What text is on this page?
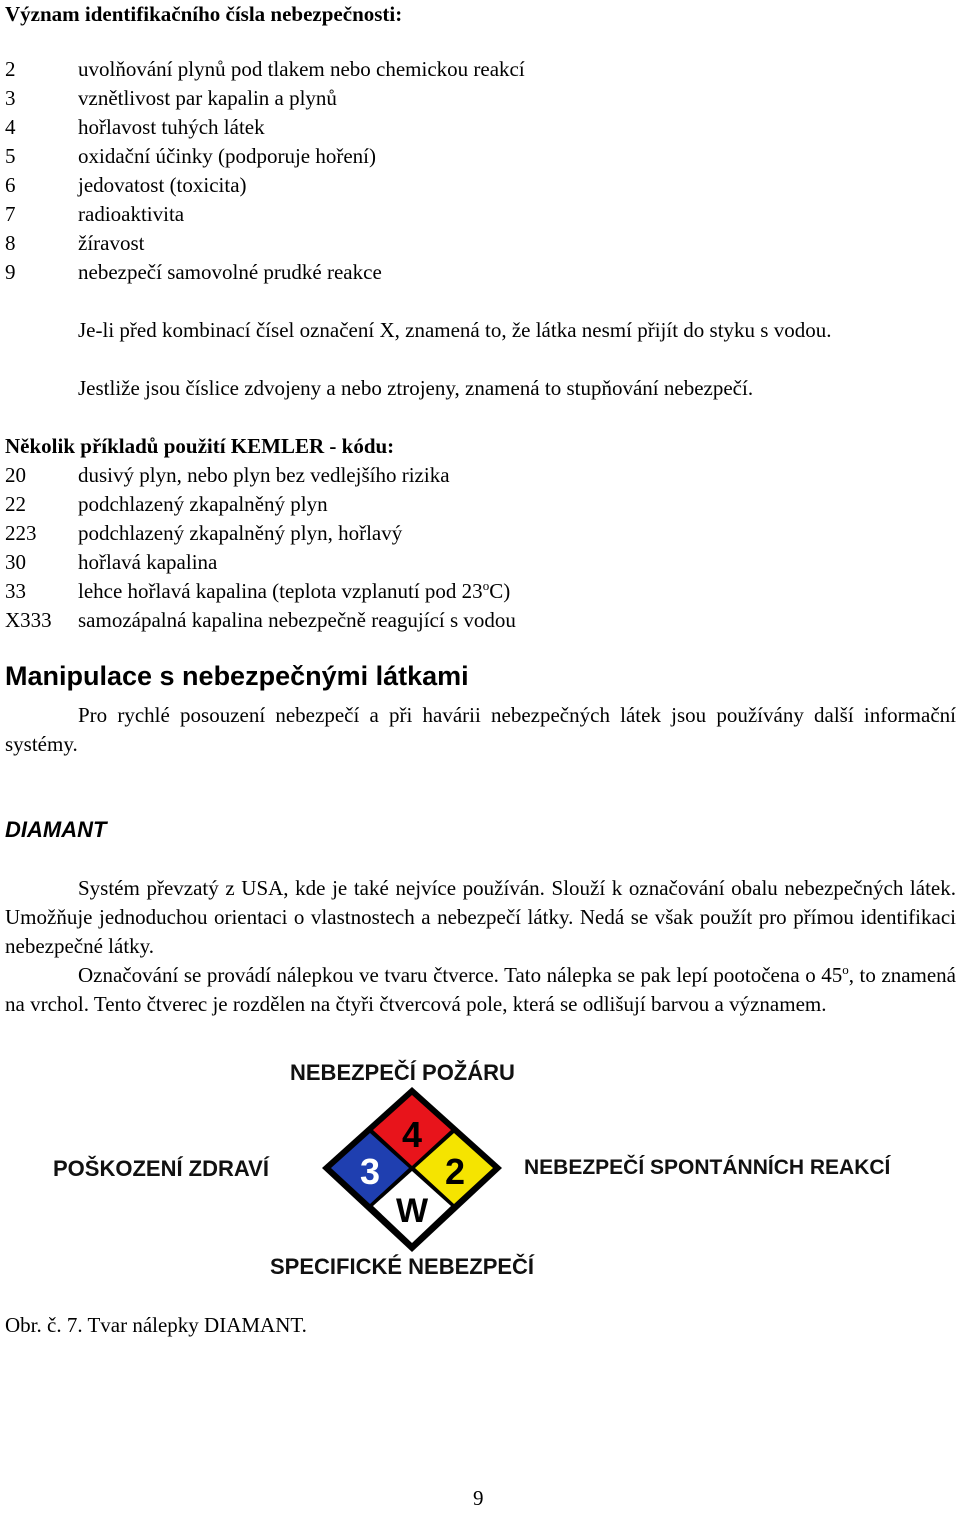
Význam identifikačního čísla nebezpečnosti:
2	uvolňování plynů pod tlakem nebo chemickou reakcí
3	vznětlivost par kapalin a plynů
4	hořlavost tuhých látek
5	oxidační účinky (podporuje hoření)
6	jedovatost (toxicita)
7	radioaktivita
8	žíravost
9	nebezpečí samovolné prudké reakce

Je-li před kombinací čísel označení X, znamená to, že látka nesmí přijít do styku s vodou.

Jestliže jsou číslice zdvojeny a nebo ztrojeny, znamená to stupňování nebezpečí.
Několik příkladů použití KEMLER - kódu:
20 dusivý plyn, nebo plyn bez vedlejšího rizika
22 podchlazený zkapalněný plyn
223 podchlazený zkapalněný plyn, hořlavý
30 hořlavá kapalina
33 lehce hořlavá kapalina (teplota vzplanutí pod 23$^o$C)
X333 samozápalná kapalina nebezpečně reagující s vodou
Manipulace s nebezpečnými látkami

Pro rychlé posouzení nebezpečí a při havárii nebezpečných látek jsou používány další informační systémy.

DIAMANT

Systém převzatý z USA, kde je také nejvíce používán. Slouží k označování obalu nebezpečných látek. Umožňuje jednoduchou orientaci o vlastnostech a nebezpečí látky. Nedá se však použít pro přímou identifikaci nebezpečné látky.

Označování se provádí nálepkou ve tvaru čtverce. Tato nálepka se pak lepí pootočena o 45$^o$, to znamená na vrchol. Tento čtverec je rozdělen na čtyři čtvercová pole, která se odlišují barvou a významem.

NEBEZPEČÍ POŽÁRU
POŠKOZENÍ ZDRAVÍ	NEBEZPEČÍ SPONTÁNNÍCH REAKCÍ
SPECIFICKÉ NEBEZPEČÍ
4
3 2
W
Obr. č. 7. Tvar nálepky DIAMANT.
9
